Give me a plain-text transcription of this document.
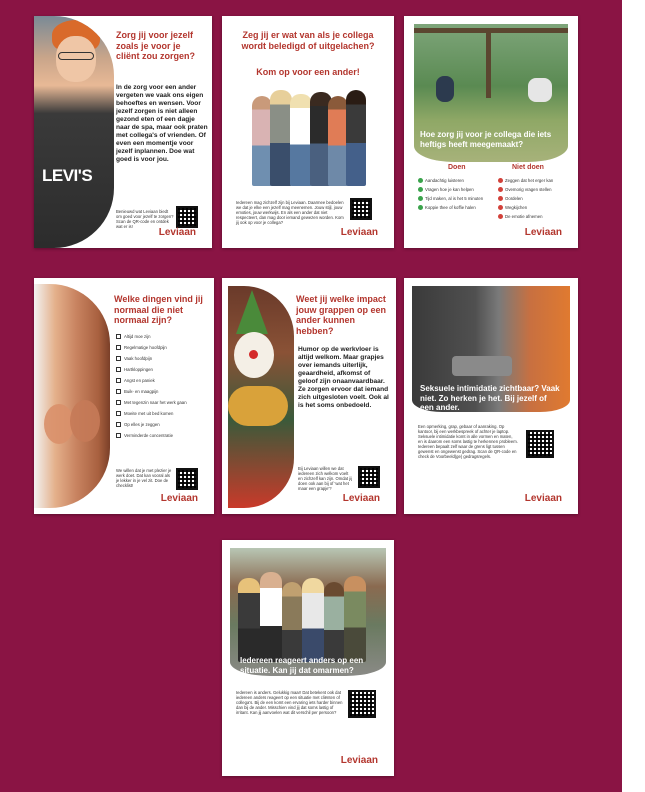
LEVI'S
Zorg jij voor jezelf zoals je voor je cliënt zou zorgen?
In de zorg voor een ander vergeten we vaak ons eigen behoeftes en wensen. Voor jezelf zorgen is niet alleen gezond eten of een dagje naar de spa, maar ook praten met collega's of vrienden. Of even een momentje voor jezelf inplannen. Doe wat goed is voor jou.
Benieuwd wat Leviaan biedt om goed voor jezelf te zorgen? Scan de QR-code en ontdek wat er is!
Leviaan
Zeg jij er wat van als je collega wordt beledigd of uitgelachen?
Kom op voor een ander!
Iedereen mag zichzelf zijn bij Leviaan. Daarmee bedoelen we dat je elke een jezelf mag meenemen. Jouw stijl, jouw emoties, jouw werkwijs. En als een ander dat niet respecteert, dan mag door iemand gewezen worden. Kom jij ook op voor je collega?
Leviaan
Hoe zorg jij voor je collega die iets heftigs heeft meegemaakt?
Doen	Niet doen
Aandachtig luisteren
Vragen hoe je kan helpen
Tijd maken, al is het 5 minuten
Koppie thee of koffie halen
Zeggen dat het erger kan
Ovemorig vragen stellen
Oordelen
Wegkijchen
De emotie afnemen
Leviaan
Welke dingen vind jij normaal die niet normaal zijn?
Altijd moe zijn
Regelmatige hoofdpijn
Vaak hoofdpijn
Hartkloppingen
Angst en paniek
Buik- en maagpijn
Met tegenzin naar het werk gaan
Moeite met uit bed komen
Op elles je zeggen
Verminderde concentratie
We willen dat je met plezier je werk doet. Dat kan vooral als je lekker in je vel zit. Doe de checklist!
Leviaan
Weet jij welke impact jouw grappen op een ander kunnen hebben?
Humor op de werkvloer is altijd welkom. Maar grapjes over iemands uiterlijk, geaardheid, afkomst of geloof zijn onaanvaardbaar. Ze zorgen ervoor dat iemand zich uitgesloten voelt. Ook al is het soms onbedoeld.
Bij Leviaan willen we dat iedereen zich welkom voelt en zichzelf kan zijn. Omdat jij doen ook aan bij of 'wat het maar een grapje'?
Leviaan
Seksuele intimidatie zichtbaar? Vaak niet. Zo herken je het. Bij jezelf of een ander.
Een opmerking, grap, gebaar of aanraking. Op kantoor, bij een werkbespreek of achter je laptop. Seksuele intimidatie komt in alle vormen en maten, en is daarom een soms lastig te herkennen probleem. Iedereen bepaalt zelf waar de grens ligt tussen gewenst en ongewenst gedrag. Scan de QR-code en check de Voorbeeld(ge) gedragsregels.
Leviaan
Iedereen reageert anders op een situatie. Kan jij dat omarmen?
Iedereen is anders. Gelukkig maar! Dat betekent ook dat iedereen anders reageert op een situatie met cliënten of collega's. Bij de een komt een ervaring iets harder binnen dan bij de ander. Misschien vind jij dat soms lastig of irritant. Kan jij aanvoelen wat dit verschil per persoon?
Leviaan
